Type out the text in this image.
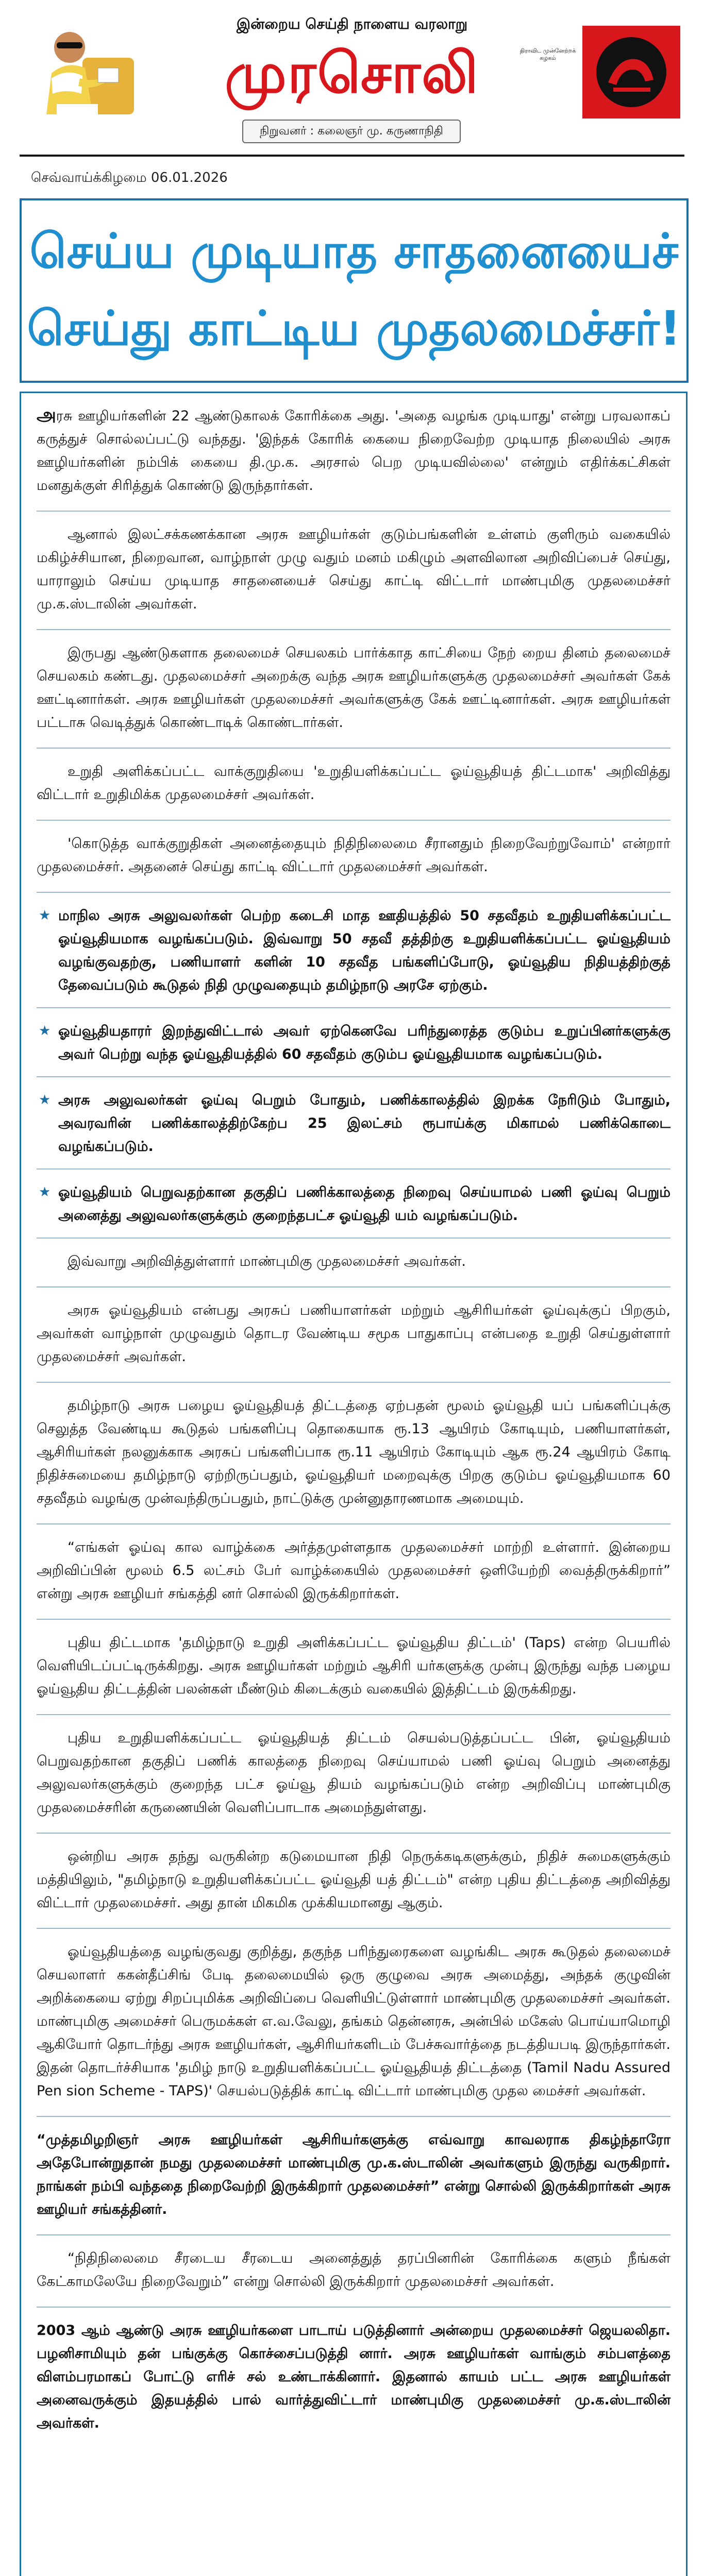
இன்றைய செய்தி நாளைய வரலாறு
முரசொலி
நிறுவனர் : கலைஞர் மு. கருணாநிதி
திராவிட முன்னேற்றக் கழகம்
செவ்வாய்க்கிழமை 06.01.2026
செய்ய முடியாத சாதனையைச்
செய்து காட்டிய முதலமைச்சர்!

அரசு ஊழியர்களின் 22 ஆண்டுகாலக் கோரிக்கை அது. 'அதை வழங்க முடியாது' என்று பரவலாகப் கருத்துச் சொல்லப்பட்டு வந்தது. 'இந்தக் கோரிக் கையை நிறைவேற்ற முடியாத நிலையில் அரசு ஊழியர்களின் நம்பிக் கையை தி.மு.க. அரசால் பெற முடியவில்லை' என்றும் எதிர்க்கட்சிகள் மனதுக்குள் சிரித்துக் கொண்டு இருந்தார்கள்.

ஆனால் இலட்சக்கணக்கான அரசு ஊழியர்கள் குடும்பங்களின் உள்ளம் குளிரும் வகையில் மகிழ்ச்சியான, நிறைவான, வாழ்நாள் முழு வதும் மனம் மகிழும் அளவிலான அறிவிப்பைச் செய்து, யாராலும் செய்ய முடியாத சாதனையைச் செய்து காட்டி விட்டார் மாண்புமிகு முதலமைச்சர் மு.க.ஸ்டாலின் அவர்கள்.

இருபது ஆண்டுகளாக தலைமைச் செயலகம் பார்க்காத காட்சியை நேற் றைய தினம் தலைமைச் செயலகம் கண்டது. முதலமைச்சர் அறைக்கு வந்த அரசு ஊழியர்களுக்கு முதலமைச்சர் அவர்கள் கேக் ஊட்டினார்கள். அரசு ஊழியர்கள் முதலமைச்சர் அவர்களுக்கு கேக் ஊட்டினார்கள். அரசு ஊழியர்கள் பட்டாசு வெடித்துக் கொண்டாடிக் கொண்டார்கள்.

உறுதி அளிக்கப்பட்ட வாக்குறுதியை 'உறுதியளிக்கப்பட்ட ஓய்வூதியத் திட்டமாக' அறிவித்து விட்டார் உறுதிமிக்க முதலமைச்சர் அவர்கள்.

'கொடுத்த வாக்குறுதிகள் அனைத்தையும் நிதிநிலைமை சீரானதும் நிறைவேற்றுவோம்' என்றார் முதலமைச்சர். அதனைச் செய்து காட்டி விட்டார் முதலமைச்சர் அவர்கள்.

★ மாநில அரசு அலுவலர்கள் பெற்ற கடைசி மாத ஊதியத்தில் 50 சதவீதம் உறுதியளிக்கப்பட்ட ஓய்வூதியமாக வழங்கப்படும். இவ்வாறு 50 சதவீ தத்திற்கு உறுதியளிக்கப்பட்ட ஓய்வூதியம் வழங்குவதற்கு, பணியாளர் களின் 10 சதவீத பங்களிப்போடு, ஓய்வூதிய நிதியத்திற்குத் தேவைப்படும் கூடுதல் நிதி முழுவதையும் தமிழ்நாடு அரசே ஏற்கும்.
★ ஓய்வூதியதாரர் இறந்துவிட்டால் அவர் ஏற்கெனவே பரிந்துரைத்த குடும்ப உறுப்பினர்களுக்கு அவர் பெற்று வந்த ஓய்வூதியத்தில் 60 சதவீதம் குடும்ப ஓய்வூதியமாக வழங்கப்படும்.
★ அரசு அலுவலர்கள் ஓய்வு பெறும் போதும், பணிக்காலத்தில் இறக்க நேரிடும் போதும், அவரவரின் பணிக்காலத்திற்கேற்ப 25 இலட்சம் ரூபாய்க்கு மிகாமல் பணிக்கொடை வழங்கப்படும்.
★ ஓய்வூதியம் பெறுவதற்கான தகுதிப் பணிக்காலத்தை நிறைவு செய்யாமல் பணி ஓய்வு பெறும் அனைத்து அலுவலர்களுக்கும் குறைந்தபட்ச ஓய்வூதி யம் வழங்கப்படும்.

இவ்வாறு அறிவித்துள்ளார் மாண்புமிகு முதலமைச்சர் அவர்கள்.

அரசு ஓய்வூதியம் என்பது அரசுப் பணியாளர்கள் மற்றும் ஆசிரியர்கள் ஓய்வுக்குப் பிறகும், அவர்கள் வாழ்நாள் முழுவதும் தொடர வேண்டிய சமூக பாதுகாப்பு என்பதை உறுதி செய்துள்ளார் முதலமைச்சர் அவர்கள்.

தமிழ்நாடு அரசு பழைய ஓய்வூதியத் திட்டத்தை ஏற்பதன் மூலம் ஓய்வூதி யப் பங்களிப்புக்கு செலுத்த வேண்டிய கூடுதல் பங்களிப்பு தொகையாக ரூ.13 ஆயிரம் கோடியும், பணியாளர்கள், ஆசிரியர்கள் நலனுக்காக அரசுப் பங்களிப்பாக ரூ.11 ஆயிரம் கோடியும் ஆக ரூ.24 ஆயிரம் கோடி நிதிச்சுமையை தமிழ்நாடு ஏற்றிருப்பதும், ஓய்வூதியர் மறைவுக்கு பிறகு குடும்ப ஓய்வூதியமாக 60 சதவீதம் வழங்கு முன்வந்திருப்பதும், நாட்டுக்கு முன்னுதாரணமாக அமையும்.

“எங்கள் ஓய்வு கால வாழ்க்கை அர்த்தமுள்ளதாக முதலமைச்சர் மாற்றி உள்ளார். இன்றைய அறிவிப்பின் மூலம் 6.5 லட்சம் பேர் வாழ்க்கையில் முதலமைச்சர் ஒளியேற்றி வைத்திருக்கிறார்” என்று அரசு ஊழியர் சங்கத்தி னர் சொல்லி இருக்கிறார்கள்.

புதிய திட்டமாக 'தமிழ்நாடு உறுதி அளிக்கப்பட்ட ஓய்வூதிய திட்டம்' (Taps) என்ற பெயரில் வெளியிடப்பட்டிருக்கிறது. அரசு ஊழியர்கள் மற்றும் ஆசிரி யர்களுக்கு முன்பு இருந்து வந்த பழைய ஓய்வூதிய திட்டத்தின் பலன்கள் மீண்டும் கிடைக்கும் வகையில் இத்திட்டம் இருக்கிறது.

புதிய உறுதியளிக்கப்பட்ட ஓய்வூதியத் திட்டம் செயல்படுத்தப்பட்ட பின், ஓய்வூதியம் பெறுவதற்கான தகுதிப் பணிக் காலத்தை நிறைவு செய்யாமல் பணி ஓய்வு பெறும் அனைத்து அலுவலர்களுக்கும் குறைந்த பட்ச ஓய்வூ தியம் வழங்கப்படும் என்ற அறிவிப்பு மாண்புமிகு முதலமைச்சரின் கருணையின் வெளிப்பாடாக அமைந்துள்ளது.

ஒன்றிய அரசு தந்து வருகின்ற கடுமையான நிதி நெருக்கடிகளுக்கும், நிதிச் சுமைகளுக்கும் மத்தியிலும், "தமிழ்நாடு உறுதியளிக்கப்பட்ட ஓய்வூதி யத் திட்டம்" என்ற புதிய திட்டத்தை அறிவித்து விட்டார் முதலமைச்சர். அது தான் மிகமிக முக்கியமானது ஆகும்.

ஓய்வூதியத்தை வழங்குவது குறித்து, தகுந்த பரிந்துரைகளை வழங்கிட அரசு கூடுதல் தலைமைச் செயலாளர் ககன்தீப்சிங் பேடி தலைமையில் ஒரு குழுவை அரசு அமைத்து, அந்தக் குழுவின் அறிக்கையை ஏற்று சிறப்புமிக்க அறிவிப்பை வெளியிட்டுள்ளார் மாண்புமிகு முதலமைச்சர் அவர்கள். மாண்புமிகு அமைச்சர் பெருமக்கள் எ.வ.வேலு, தங்கம் தென்னரசு, அன்பில் மகேஸ் பொய்யாமொழி ஆகியோர் தொடர்ந்து அரசு ஊழியர்கள், ஆசிரியர்களிடம் பேச்சுவார்த்தை நடத்தியபடி இருந்தார்கள். இதன் தொடர்ச்சியாக 'தமிழ் நாடு உறுதியளிக்கப்பட்ட ஓய்வூதியத் திட்டத்தை (Tamil Nadu Assured Pen sion Scheme - TAPS)' செயல்படுத்திக் காட்டி விட்டார் மாண்புமிகு முதல மைச்சர் அவர்கள்.

“முத்தமிழறிஞர் அரசு ஊழியர்கள் ஆசிரியர்களுக்கு எவ்வாறு காவலராக திகழ்ந்தாரோ அதேபோன்றுதான் நமது முதலமைச்சர் மாண்புமிகு மு.க.ஸ்டாலின் அவர்களும் இருந்து வருகிறார். நாங்கள் நம்பி வந்ததை நிறைவேற்றி இருக்கிறார் முதலமைச்சர்” என்று சொல்லி இருக்கிறார்கள் அரசு ஊழியர் சங்கத்தினர்.

“நிதிநிலைமை சீரடைய சீரடைய அனைத்துத் தரப்பினரின் கோரிக்கை களும் நீங்கள் கேட்காமலேயே நிறைவேறும்” என்று சொல்லி இருக்கிறார் முதலமைச்சர் அவர்கள்.

2003 ஆம் ஆண்டு அரசு ஊழியர்களை பாடாய் படுத்தினார் அன்றைய முதலமைச்சர் ஜெயலலிதா. பழனிசாமியும் தன் பங்குக்கு கொச்சைப்படுத்தி னார். அரசு ஊழியர்கள் வாங்கும் சம்பளத்தை விளம்பரமாகப் போட்டு எரிச் சல் உண்டாக்கினார். இதனால் காயம் பட்ட அரசு ஊழியர்கள் அனைவருக்கும் இதயத்தில் பால் வார்த்துவிட்டார் மாண்புமிகு முதலமைச்சர் மு.க.ஸ்டாலின் அவர்கள்.
